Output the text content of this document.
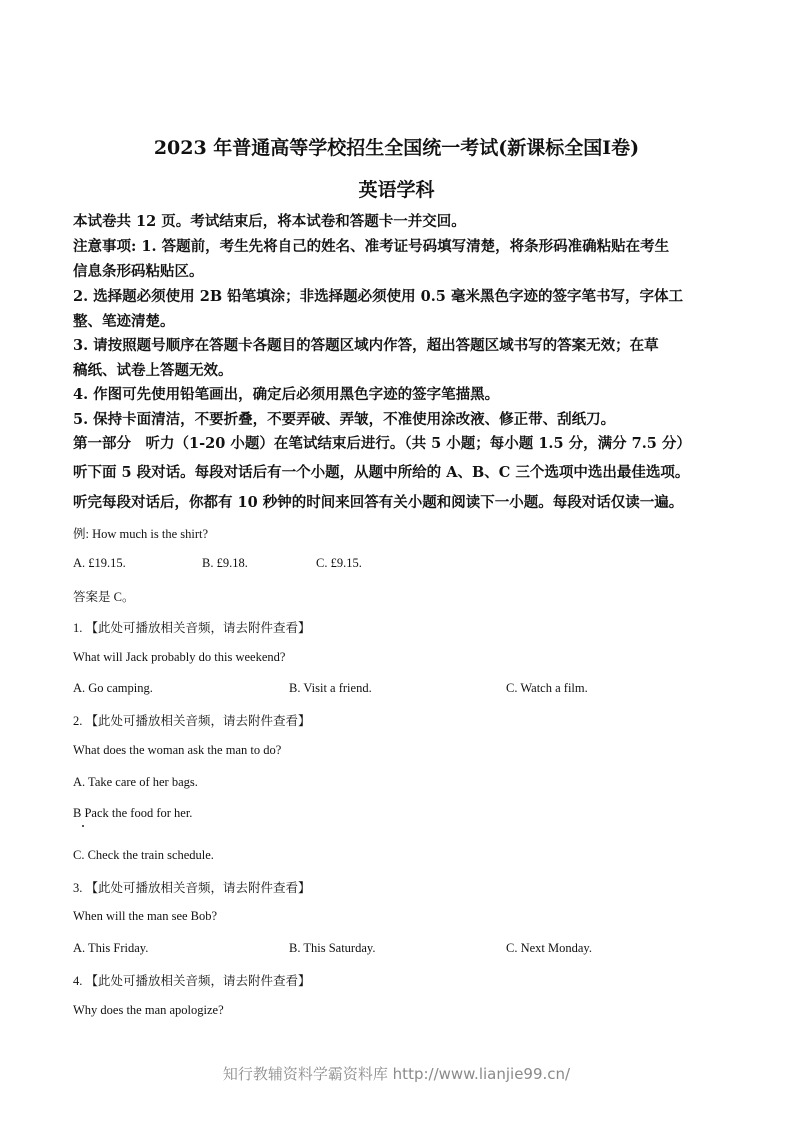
2023 年普通高等学校招生全国统一考试(新课标全国Ⅰ卷)
英语学科
本试卷共 12 页。考试结束后，将本试卷和答题卡一并交回。
注意事项: 1. 答题前，考生先将自己的姓名、准考证号码填写清楚，将条形码准确粘贴在考生
信息条形码粘贴区。
2. 选择题必须使用 2B 铅笔填涂；非选择题必须使用 0.5 毫米黑色字迹的签字笔书写，字体工
整、笔迹清楚。
3. 请按照题号顺序在答题卡各题目的答题区域内作答，超出答题区域书写的答案无效；在草
稿纸、试卷上答题无效。
4. 作图可先使用铅笔画出，确定后必须用黑色字迹的签字笔描黑。
5. 保持卡面清洁，不要折叠，不要弄破、弄皱，不准使用涂改液、修正带、刮纸刀。
第一部分　听力（1-20 小题）在笔试结束后进行。（共 5 小题；每小题 1.5 分，满分 7.5 分）
听下面 5 段对话。每段对话后有一个小题，从题中所给的 A、B、C 三个选项中选出最佳选项。
听完每段对话后，你都有 10 秒钟的时间来回答有关小题和阅读下一小题。每段对话仅读一遍。
例: How much is the shirt?
A. £19.15.	B. £9.18.	C. £9.15.
答案是 C。
1. 【此处可播放相关音频，请去附件查看】
What will Jack probably do this weekend?
A. Go camping.	B. Visit a friend.	C. Watch a film.
2. 【此处可播放相关音频，请去附件查看】
What does the woman ask the man to do?
A. Take care of her bags.
B Pack the food for her.
C. Check the train schedule.
3. 【此处可播放相关音频，请去附件查看】
When will the man see Bob?
A. This Friday.	B. This Saturday.	C. Next Monday.
4. 【此处可播放相关音频，请去附件查看】
Why does the man apologize?
知行教辅资料学霸资料库 http://www.lianjie99.cn/
